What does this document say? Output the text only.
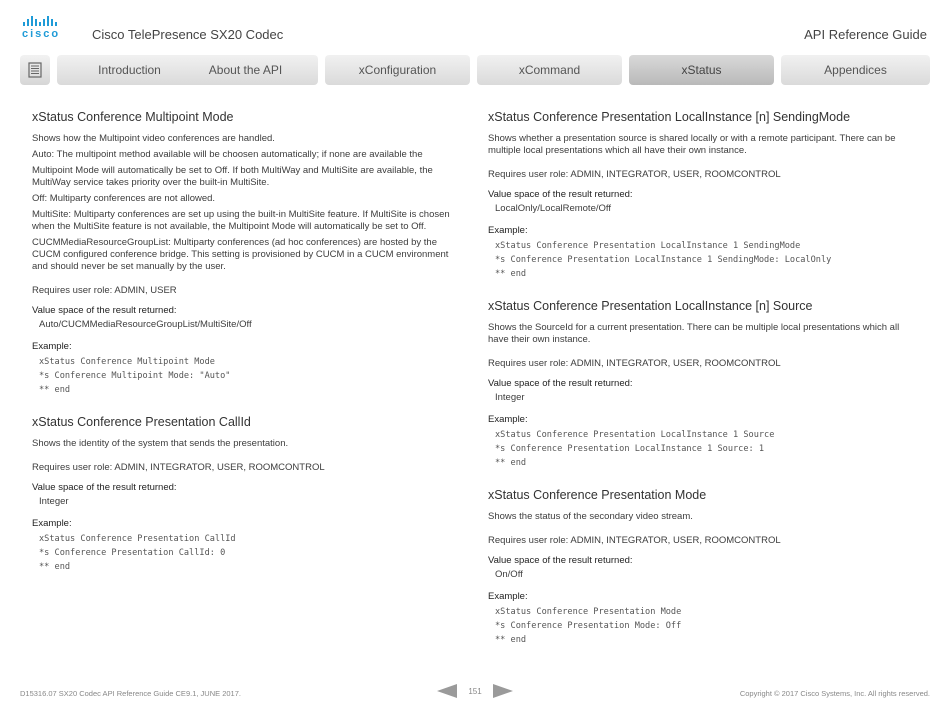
cisco Cisco TelePresence SX20 Codec	API Reference Guide
Introduction	About the API	xConfiguration	xCommand	xStatus	Appendices
xStatus Conference Multipoint Mode
Shows how the Multipoint video conferences are handled.
Auto: The multipoint method available will be choosen automatically; if none are available the
Multipoint Mode will automatically be set to Off. If both MultiWay and MultiSite are available, the MultiWay service takes priority over the built-in MultiSite.
Off: Multiparty conferences are not allowed.
MultiSite: Multiparty conferences are set up using the built-in MultiSite feature. If MultiSite is chosen when the MultiSite feature is not available, the Multipoint Mode will automatically be set to Off.
CUCMMediaResourceGroupList: Multiparty conferences (ad hoc conferences) are hosted by the CUCM configured conference bridge. This setting is provisioned by CUCM in a CUCM environment and should never be set manually by the user.
Requires user role: ADMIN, USER
Value space of the result returned:
Auto/CUCMMediaResourceGroupList/MultiSite/Off
Example:
xStatus Conference Multipoint Mode
*s Conference Multipoint Mode: "Auto"
** end
xStatus Conference Presentation CallId
Shows the identity of the system that sends the presentation.
Requires user role: ADMIN, INTEGRATOR, USER, ROOMCONTROL
Value space of the result returned:
Integer
Example:
xStatus Conference Presentation CallId
*s Conference Presentation CallId: 0
** end
xStatus Conference Presentation LocalInstance [n] SendingMode
Shows whether a presentation source is shared locally or with a remote participant. There can be multiple local presentations which all have their own instance.
Requires user role: ADMIN, INTEGRATOR, USER, ROOMCONTROL
Value space of the result returned:
LocalOnly/LocalRemote/Off
Example:
xStatus Conference Presentation LocalInstance 1 SendingMode
*s Conference Presentation LocalInstance 1 SendingMode: LocalOnly
** end
xStatus Conference Presentation LocalInstance [n] Source
Shows the SourceId for a current presentation. There can be multiple local presentations which all have their own instance.
Requires user role: ADMIN, INTEGRATOR, USER, ROOMCONTROL
Value space of the result returned:
Integer
Example:
xStatus Conference Presentation LocalInstance 1 Source
*s Conference Presentation LocalInstance 1 Source: 1
** end
xStatus Conference Presentation Mode
Shows the status of the secondary video stream.
Requires user role: ADMIN, INTEGRATOR, USER, ROOMCONTROL
Value space of the result returned:
On/Off
Example:
xStatus Conference Presentation Mode
*s Conference Presentation Mode: Off
** end
D15316.07 SX20 Codec API Reference Guide CE9.1, JUNE 2017.	151	Copyright © 2017 Cisco Systems, Inc. All rights reserved.
